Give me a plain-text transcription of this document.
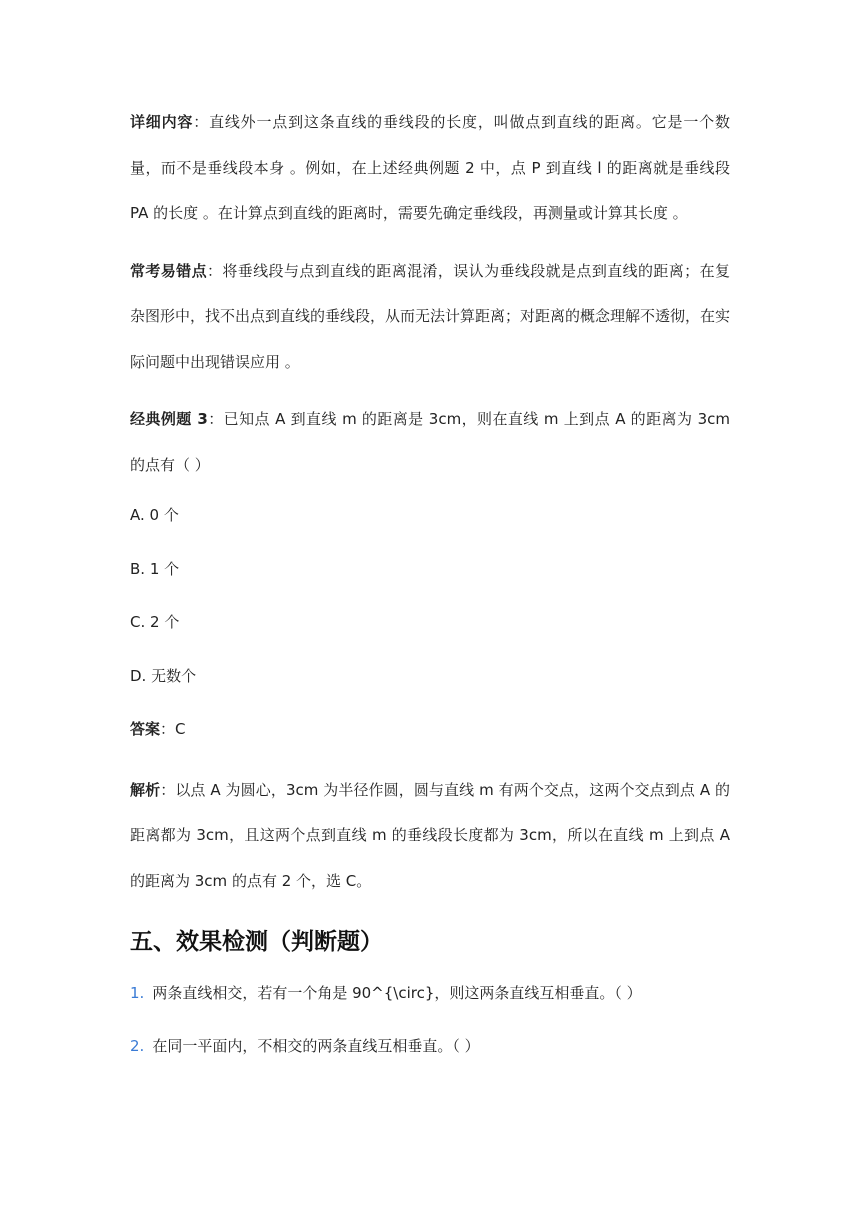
详细内容：直线外一点到这条直线的垂线段的长度，叫做点到直线的距离。它是一个数量，而不是垂线段本身 。例如，在上述经典例题 2 中，点 P 到直线 l 的距离就是垂线段 PA 的长度 。在计算点到直线的距离时，需要先确定垂线段，再测量或计算其长度 。

常考易错点：将垂线段与点到直线的距离混淆，误认为垂线段就是点到直线的距离；在复杂图形中，找不出点到直线的垂线段，从而无法计算距离；对距离的概念理解不透彻，在实际问题中出现错误应用 。

经典例题 3：已知点 A 到直线 m 的距离是 3cm，则在直线 m 上到点 A 的距离为 3cm 的点有（ ）

A. 0 个
B. 1 个
C. 2 个
D. 无数个
答案：C

解析：以点 A 为圆心，3cm 为半径作圆，圆与直线 m 有两个交点，这两个交点到点 A 的距离都为 3cm，且这两个点到直线 m 的垂线段长度都为 3cm，所以在直线 m 上到点 A 的距离为 3cm 的点有 2 个，选 C。

五、效果检测（判断题）
1. 两条直线相交，若有一个角是 90^{\circ}，则这两条直线互相垂直。（ ）
2. 在同一平面内，不相交的两条直线互相垂直。（ ）
